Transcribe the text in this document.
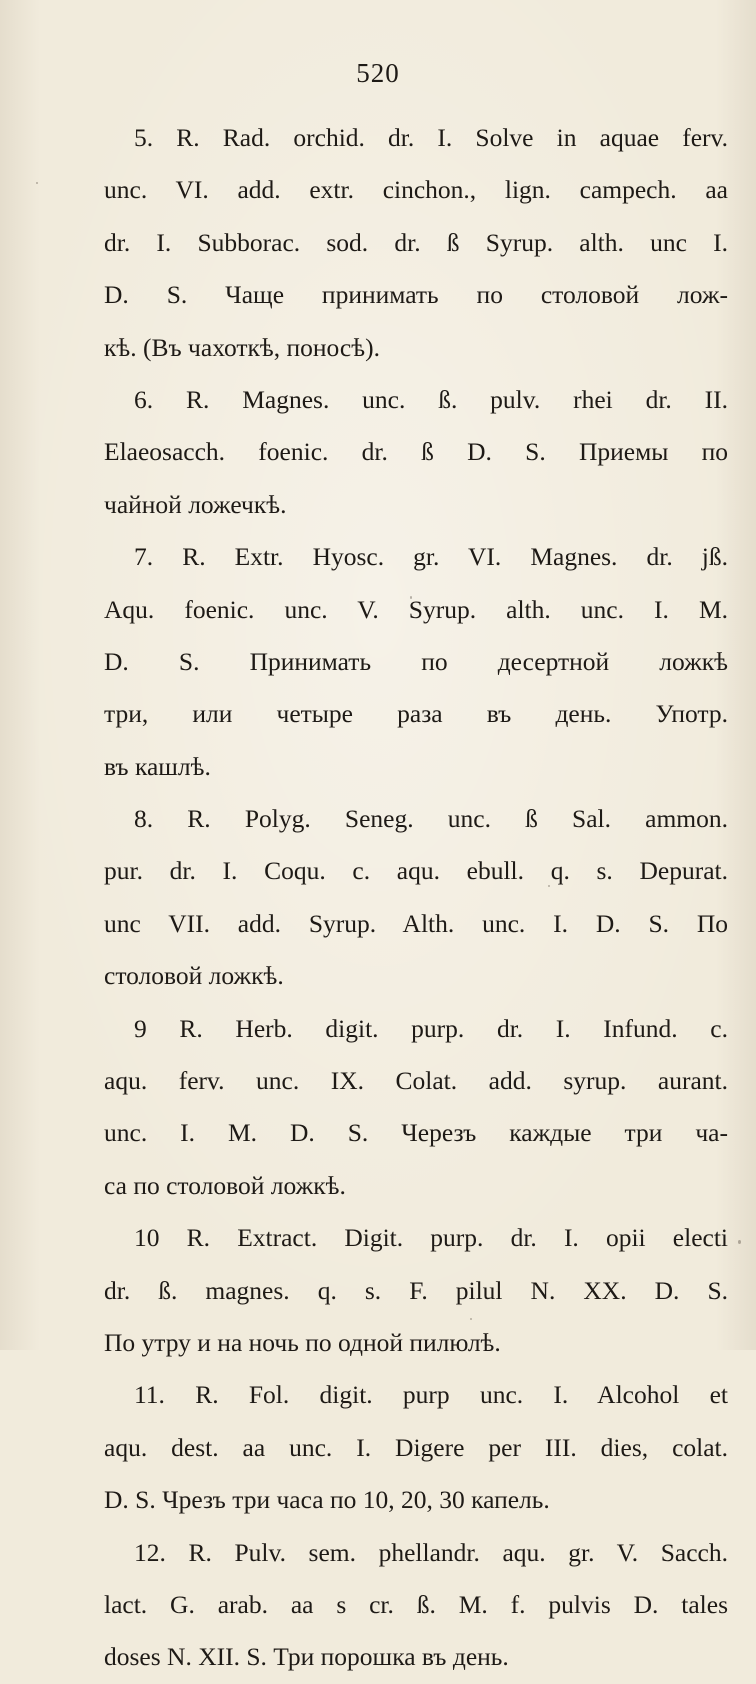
520
5. R. Rad. orchid. dr. I. Solve in aquae ferv.
unc. VI. add. extr. cinchon., lign. campech. aa
dr. I. Subborac. sod. dr. ß Syrup. alth. unc I.
D. S. Чаще принимать по столовой лож-
кѣ. (Въ чахоткѣ, поносѣ).
6. R. Magnes. unc. ß. pulv. rhei dr. II.
Elaeosacch. foenic. dr. ß D. S. Приемы по
чайной ложечкѣ.
7. R. Extr. Hyosc. gr. VI. Magnes. dr. jß.
Aqu. foenic. unc. V. Syrup. alth. unc. I. M.
D. S. Принимать по десертной ложкѣ
три, или четыре раза въ день. Употр.
въ кашлѣ.
8. R. Polyg. Seneg. unc. ß Sal. ammon.
pur. dr. I. Coqu. c. aqu. ebull. q. s. Depurat.
unc VII. add. Syrup. Alth. unc. I. D. S. По
столовой ложкѣ.
9 R. Herb. digit. purp. dr. I. Infund. c.
aqu. ferv. unc. IX. Colat. add. syrup. aurant.
unc. I. M. D. S. Черезъ каждые три ча-
са по столовой ложкѣ.
10 R. Extract. Digit. purp. dr. I. opii electi
dr. ß. magnes. q. s. F. pilul N. XX. D. S.
По утру и на ночь по одной пилюлѣ.
11. R. Fol. digit. purp unc. I. Alcohol et
aqu. dest. aa unc. I. Digere per III. dies, colat.
D. S. Чрезъ три часа по 10, 20, 30 капель.
12. R. Pulv. sem. phellandr. aqu. gr. V. Sacch.
lact. G. arab. aa s cr. ß. M. f. pulvis D. tales
doses N. XII. S. Три порошка въ день.
